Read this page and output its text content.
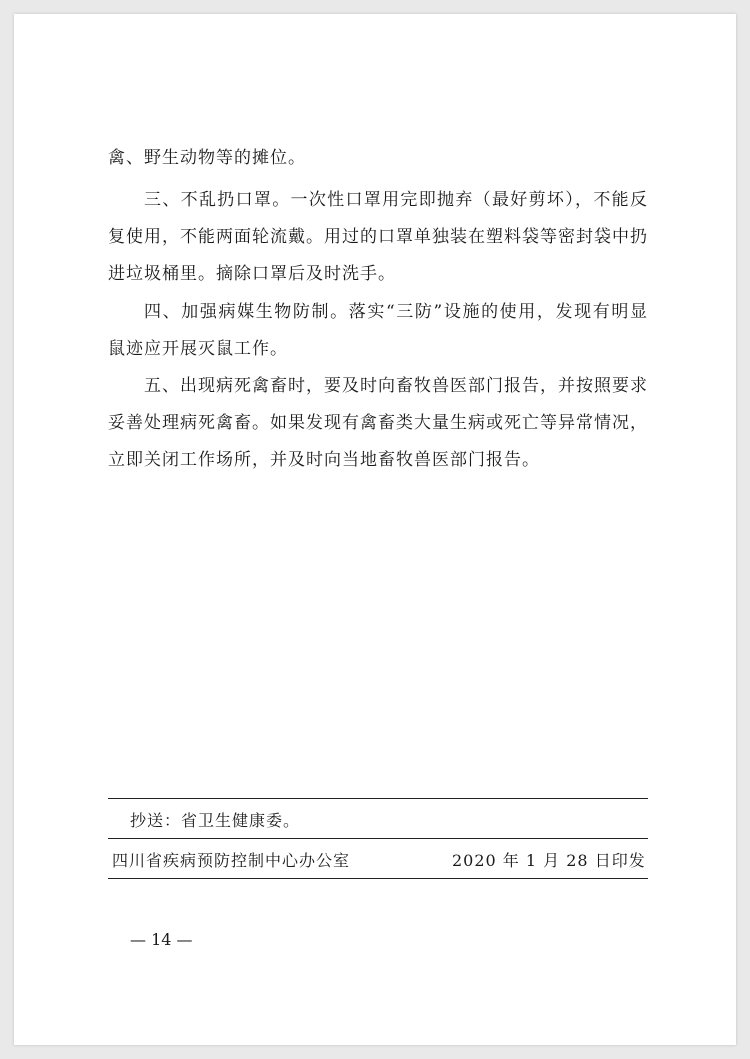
禽、野生动物等的摊位。

三、不乱扔口罩。一次性口罩用完即抛弃（最好剪坏），不能反复使用，不能两面轮流戴。用过的口罩单独装在塑料袋等密封袋中扔进垃圾桶里。摘除口罩后及时洗手。

四、加强病媒生物防制。落实“三防”设施的使用，发现有明显鼠迹应开展灭鼠工作。

五、出现病死禽畜时，要及时向畜牧兽医部门报告，并按照要求妥善处理病死禽畜。如果发现有禽畜类大量生病或死亡等异常情况，立即关闭工作场所，并及时向当地畜牧兽医部门报告。

抄送：省卫生健康委。
四川省疾病预防控制中心办公室	2020 年 1 月 28 日印发
— 14 —
